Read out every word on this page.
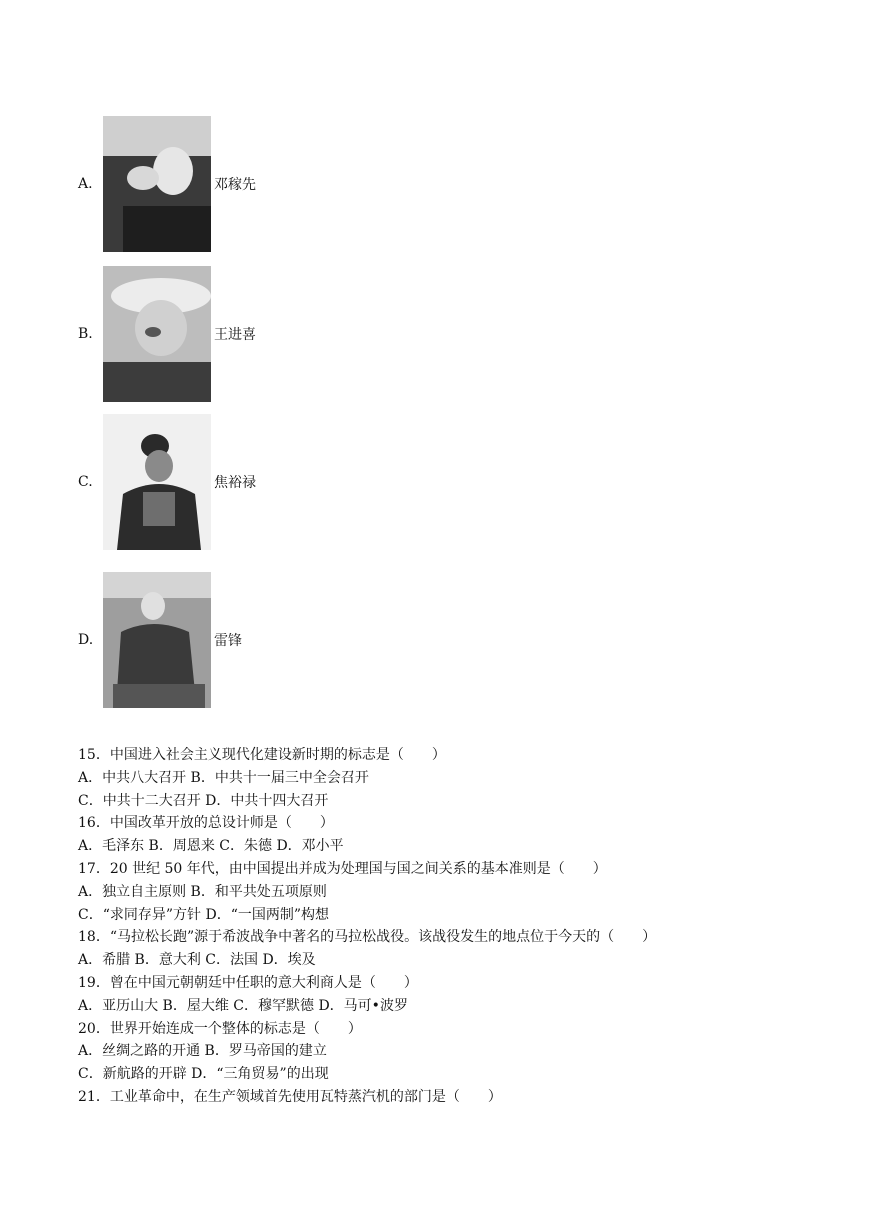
A.	邓稼先
B.	王进喜
C.	焦裕禄
D.	雷锋
15．中国进入社会主义现代化建设新时期的标志是（　　）
A．中共八大召开 B．中共十一届三中全会召开
C．中共十二大召开 D．中共十四大召开
16．中国改革开放的总设计师是（　　）
A．毛泽东 B．周恩来 C．朱德 D．邓小平
17．20 世纪 50 年代，由中国提出并成为处理国与国之间关系的基本准则是（　　）
A．独立自主原则 B．和平共处五项原则
C．“求同存异”方针 D．“一国两制”构想
18．“马拉松长跑”源于希波战争中著名的马拉松战役。该战役发生的地点位于今天的（　　）
A．希腊 B．意大利 C．法国 D．埃及
19．曾在中国元朝朝廷中任职的意大利商人是（　　）
A．亚历山大 B．屋大维 C．穆罕默德 D．马可•波罗
20．世界开始连成一个整体的标志是（　　）
A．丝绸之路的开通 B．罗马帝国的建立
C．新航路的开辟 D．“三角贸易”的出现
21．工业革命中，在生产领域首先使用瓦特蒸汽机的部门是（　　）
